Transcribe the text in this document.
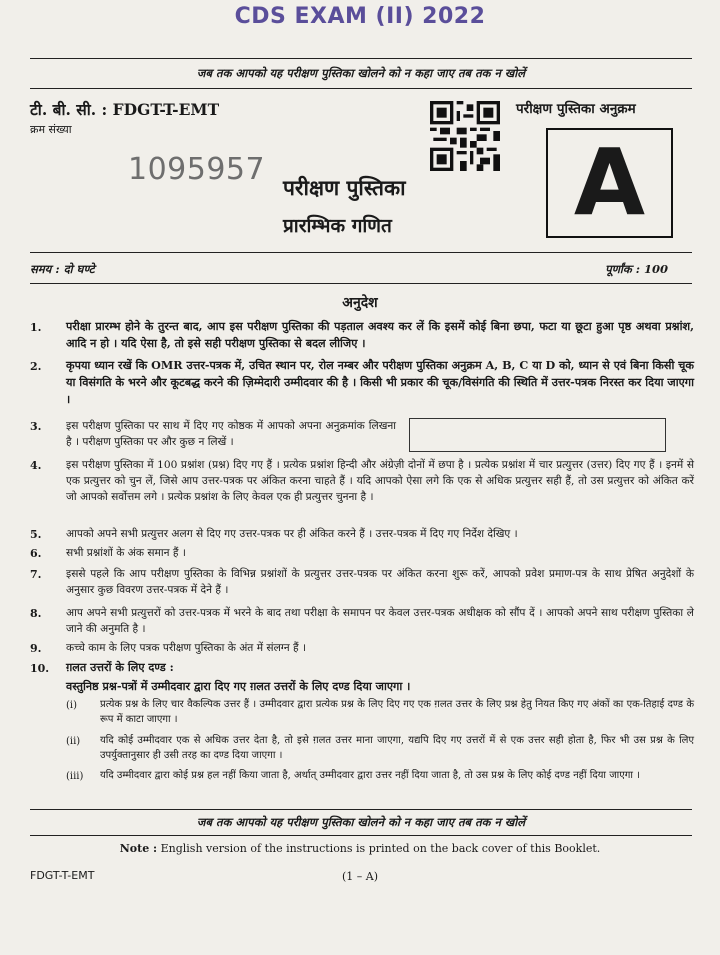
CDS EXAM (II) 2022
जब तक आपको यह परीक्षण पुस्तिका खोलने को न कहा जाए तब तक न खोलें
टी. बी. सी. : FDGT-T-EMT
क्रम संख्या
1095957
परीक्षण पुस्तिका अनुक्रम
A
परीक्षण पुस्तिका
प्रारम्भिक गणित
समय : दो घण्टे	पूर्णांक : 100
अनुदेश
1.	परीक्षा प्रारम्भ होने के तुरन्त बाद, आप इस परीक्षण पुस्तिका की पड़ताल अवश्य कर लें कि इसमें कोई बिना छपा, फटा या छूटा हुआ पृष्ठ अथवा प्रश्नांश, आदि न हो । यदि ऐसा है, तो इसे सही परीक्षण पुस्तिका से बदल लीजिए ।
2.	कृपया ध्यान रखें कि OMR उत्तर-पत्रक में, उचित स्थान पर, रोल नम्बर और परीक्षण पुस्तिका अनुक्रम A, B, C या D को, ध्यान से एवं बिना किसी चूक या विसंगति के भरने और कूटबद्ध करने की ज़िम्मेदारी उम्मीदवार की है । किसी भी प्रकार की चूक/विसंगति की स्थिति में उत्तर-पत्रक निरस्त कर दिया जाएगा ।
3.	इस परीक्षण पुस्तिका पर साथ में दिए गए कोष्ठक में आपको अपना अनुक्रमांक लिखना है । परीक्षण पुस्तिका पर और कुछ न लिखें ।
4.	इस परीक्षण पुस्तिका में 100 प्रश्नांश (प्रश्न) दिए गए हैं । प्रत्येक प्रश्नांश हिन्दी और अंग्रेज़ी दोनों में छपा है । प्रत्येक प्रश्नांश में चार प्रत्युत्तर (उत्तर) दिए गए हैं । इनमें से एक प्रत्युत्तर को चुन लें, जिसे आप उत्तर-पत्रक पर अंकित करना चाहते हैं । यदि आपको ऐसा लगे कि एक से अधिक प्रत्युत्तर सही हैं, तो उस प्रत्युत्तर को अंकित करें जो आपको सर्वोत्तम लगे । प्रत्येक प्रश्नांश के लिए केवल एक ही प्रत्युत्तर चुनना है ।
5.	आपको अपने सभी प्रत्युत्तर अलग से दिए गए उत्तर-पत्रक पर ही अंकित करने हैं । उत्तर-पत्रक में दिए गए निर्देश देखिए ।
6.	सभी प्रश्नांशों के अंक समान हैं ।
7.	इससे पहले कि आप परीक्षण पुस्तिका के विभिन्न प्रश्नांशों के प्रत्युत्तर उत्तर-पत्रक पर अंकित करना शुरू करें, आपको प्रवेश प्रमाण-पत्र के साथ प्रेषित अनुदेशों के अनुसार कुछ विवरण उत्तर-पत्रक में देने हैं ।
8.	आप अपने सभी प्रत्युत्तरों को उत्तर-पत्रक में भरने के बाद तथा परीक्षा के समापन पर केवल उत्तर-पत्रक अधीक्षक को सौंप दें । आपको अपने साथ परीक्षण पुस्तिका ले जाने की अनुमति है ।
9.	कच्चे काम के लिए पत्रक परीक्षण पुस्तिका के अंत में संलग्न हैं ।
10.	ग़लत उत्तरों के लिए दण्ड :
वस्तुनिष्ठ प्रश्न-पत्रों में उम्मीदवार द्वारा दिए गए ग़लत उत्तरों के लिए दण्ड दिया जाएगा ।
(i)	प्रत्येक प्रश्न के लिए चार वैकल्पिक उत्तर हैं । उम्मीदवार द्वारा प्रत्येक प्रश्न के लिए दिए गए एक ग़लत उत्तर के लिए प्रश्न हेतु नियत किए गए अंकों का एक-तिहाई दण्ड के रूप में काटा जाएगा ।
(ii)	यदि कोई उम्मीदवार एक से अधिक उत्तर देता है, तो इसे ग़लत उत्तर माना जाएगा, यद्यपि दिए गए उत्तरों में से एक उत्तर सही होता है, फिर भी उस प्रश्न के लिए उपर्युक्तानुसार ही उसी तरह का दण्ड दिया जाएगा ।
(iii)	यदि उम्मीदवार द्वारा कोई प्रश्न हल नहीं किया जाता है, अर्थात् उम्मीदवार द्वारा उत्तर नहीं दिया जाता है, तो उस प्रश्न के लिए कोई दण्ड नहीं दिया जाएगा ।
जब तक आपको यह परीक्षण पुस्तिका खोलने को न कहा जाए तब तक न खोलें
Note : English version of the instructions is printed on the back cover of this Booklet.
FDGT-T-EMT	(1 – A)
